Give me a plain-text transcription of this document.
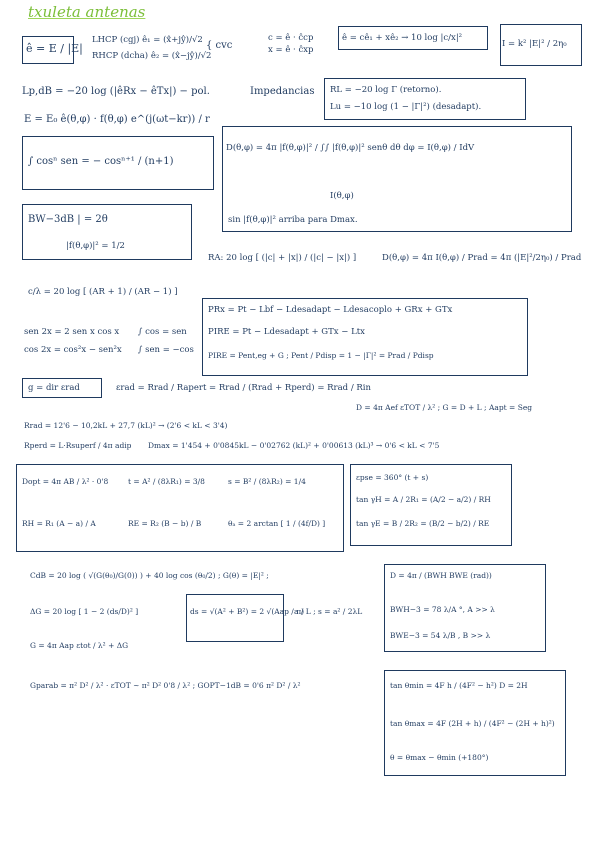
txuleta antenas
ê = E / |E|
LHCP (cgj) ê₁ = (x̂+jŷ)/√2
RHCP (dcha) ê₂ = (x̂−jŷ)/√2
{ cvc
c = ê · ĉcp
x = ê · ĉxp
ê = cê₁ + xê₂ → 10 log |c/x|²
I = k² |E|² / 2η₀
Lp,dB = −20 log (|êRx − êTx|) − pol.	Impedancias RL = −20 log Γ (retorno).
Lu = −10 log (1 − |Γ|²) (desadapt).
E = E₀ ê(θ,φ) · f(θ,φ) e^(j(ωt−kr)) / r
∫ cosⁿ sen = − cosⁿ⁺¹ / (n+1)
D(θ,φ) = 4π |f(θ,φ)|² / ∫∫ |f(θ,φ)|² senθ dθ dφ = I(θ,φ) / IdV
I(θ,φ)
sin |f(θ,φ)|² arriba para Dmax.
BW−3dB | = 2θ
|f(θ,φ)|² = 1/2
RA: 20 log [ (|c| + |x|) / (|c| − |x|) ]	D(θ,φ) = 4π I(θ,φ) / Prad = 4π (|E|²/2η₀) / Prad
c/λ = 20 log [ (AR + 1) / (AR − 1) ]
sen 2x = 2 sen x cos x
cos 2x = cos²x − sen²x
∫ cos = sen
∫ sen = −cos
PRx = Pt − Lbf − Ldesadapt − Ldesacoplo + GRx + GTx
PIRE = Pt − Ldesadapt + GTx − Ltx
PIRE = Pent,eg + G ; Pent / Pdisp = 1 − |Γ|² = Prad / Pdisp
g = dir εrad	εrad = Rrad / Rapert = Rrad / (Rrad + Rperd) = Rrad / Rin
D = 4π Aef εTOT / λ² ; G = D + L ; Aapt = Seg
Rrad = 12'6 − 10,2kL + 27,7 (kL)² → (2'6 < kL < 3'4)
Rperd = L·Rsuperf / 4π adip Dmax = 1'454 + 0'0845kL − 0'02762 (kL)² + 0'00613 (kL)³ → 0'6 < kL < 7'5
Dopt = 4π AB / λ² · 0'8	t = A² / (8λR₁) = 3/8	s = B² / (8λR₂) = 1/4
RH = R₁ (A − a) / A	RE = R₂ (B − b) / B	θₐ = 2 arctan [ 1 / (4f/D) ]
εpse = 360° (t + s)
tan γH = A / 2R₁ = (A/2 − a/2) / RH
tan γE = B / 2R₂ = (B/2 − b/2) / RE
CdB = 20 log ( √(G(θ₀)/G(0)) ) + 40 log cos (θ₀/2) ; G(θ) = |E|² ;	D = 4π / (BWH BWE (rad))
BWH−3 = 78 λ/A °, A >> λ
BWE−3 = 54 λ/B , B >> λ
ΔG = 20 log [ 1 − 2 (ds/D)² ]	ds = √(A² + B²) = 2 √(Aap / π)
a / L ; s = a² / 2λL
G = 4π Aap εtot / λ² + ΔG
Gparab = π² D² / λ² · εTOT ~ π² D² 0'8 / λ² ; GOPT−1dB = 0'6 π² D² / λ²	tan θmin = 4F h / (4F² − h²) D = 2H
tan θmax = 4F (2H + h) / (4F² − (2H + h)²)
θ = θmax − θmin (+180°)
